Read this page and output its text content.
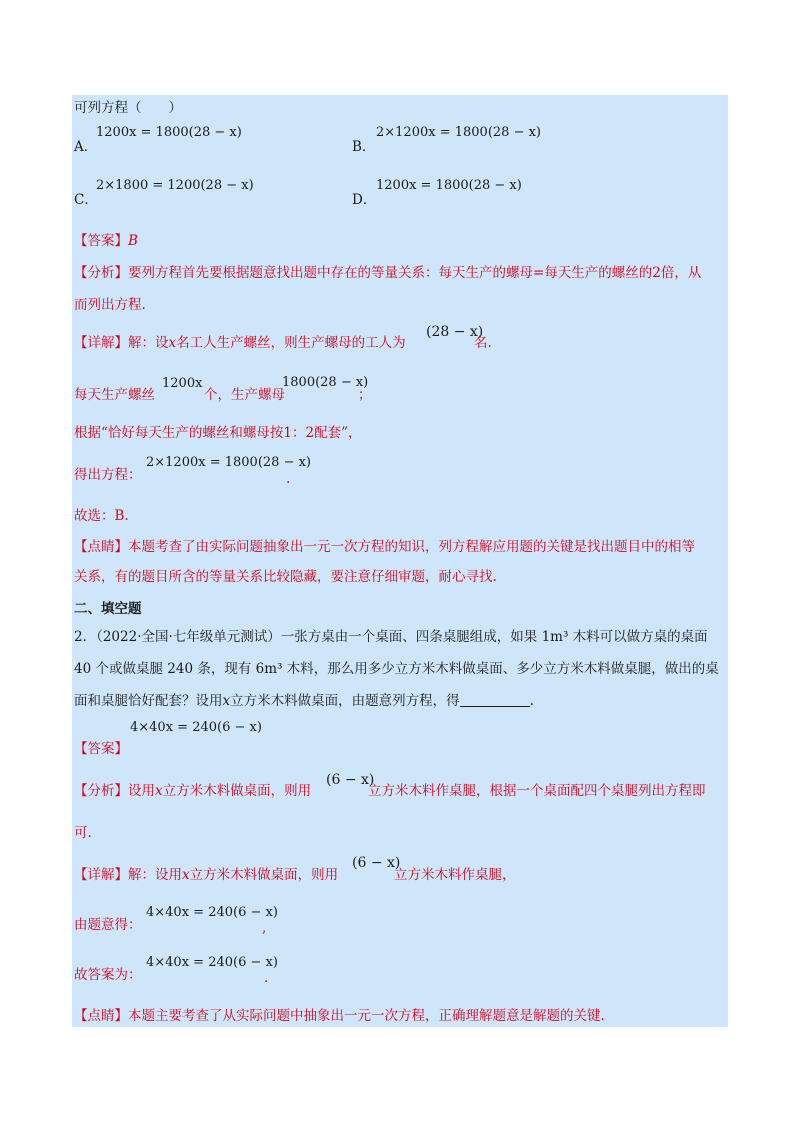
可列方程（　　）
A．
1200x = 1800(28 − x)
B．
2×1200x = 1800(28 − x)
C．
2×1800 = 1200(28 − x)
D．
1200x = 1800(28 − x)
【答案】B
【分析】要列方程首先要根据题意找出题中存在的等量关系：每天生产的螺母=每天生产的螺丝的2倍，从
而列出方程.
【详解】解：设x名工人生产螺丝，则生产螺母的工人为
(28 − x)
名.
每天生产螺丝
1200x
个，生产螺母
1800(28 − x)
；
根据“恰好每天生产的螺丝和螺母按1：2配套”，
得出方程：
2×1200x = 1800(28 − x)
.
故选：B.
【点睛】本题考查了由实际问题抽象出一元一次方程的知识，列方程解应用题的关键是找出题目中的相等
关系，有的题目所含的等量关系比较隐藏，要注意仔细审题，耐心寻找.
二、填空题
2．（2022·全国·七年级单元测试）一张方桌由一个桌面、四条桌腿组成，如果 1m³ 木料可以做方桌的桌面
40 个或做桌腿 240 条，现有 6m³ 木料，那么用多少立方米木料做桌面、多少立方米木料做桌腿，做出的桌
面和桌腿恰好配套？设用x立方米木料做桌面，由题意列方程，得	.
4×40x = 240(6 − x)
【答案】
【分析】设用x立方米木料做桌面，则用
(6 − x)
立方米木料作桌腿，根据一个桌面配四个桌腿列出方程即
可.
【详解】解：设用x立方米木料做桌面，则用
(6 − x)
立方米木料作桌腿，
由题意得：
4×40x = 240(6 − x)
,
故答案为：
4×40x = 240(6 − x)
.
【点睛】本题主要考查了从实际问题中抽象出一元一次方程，正确理解题意是解题的关键.
